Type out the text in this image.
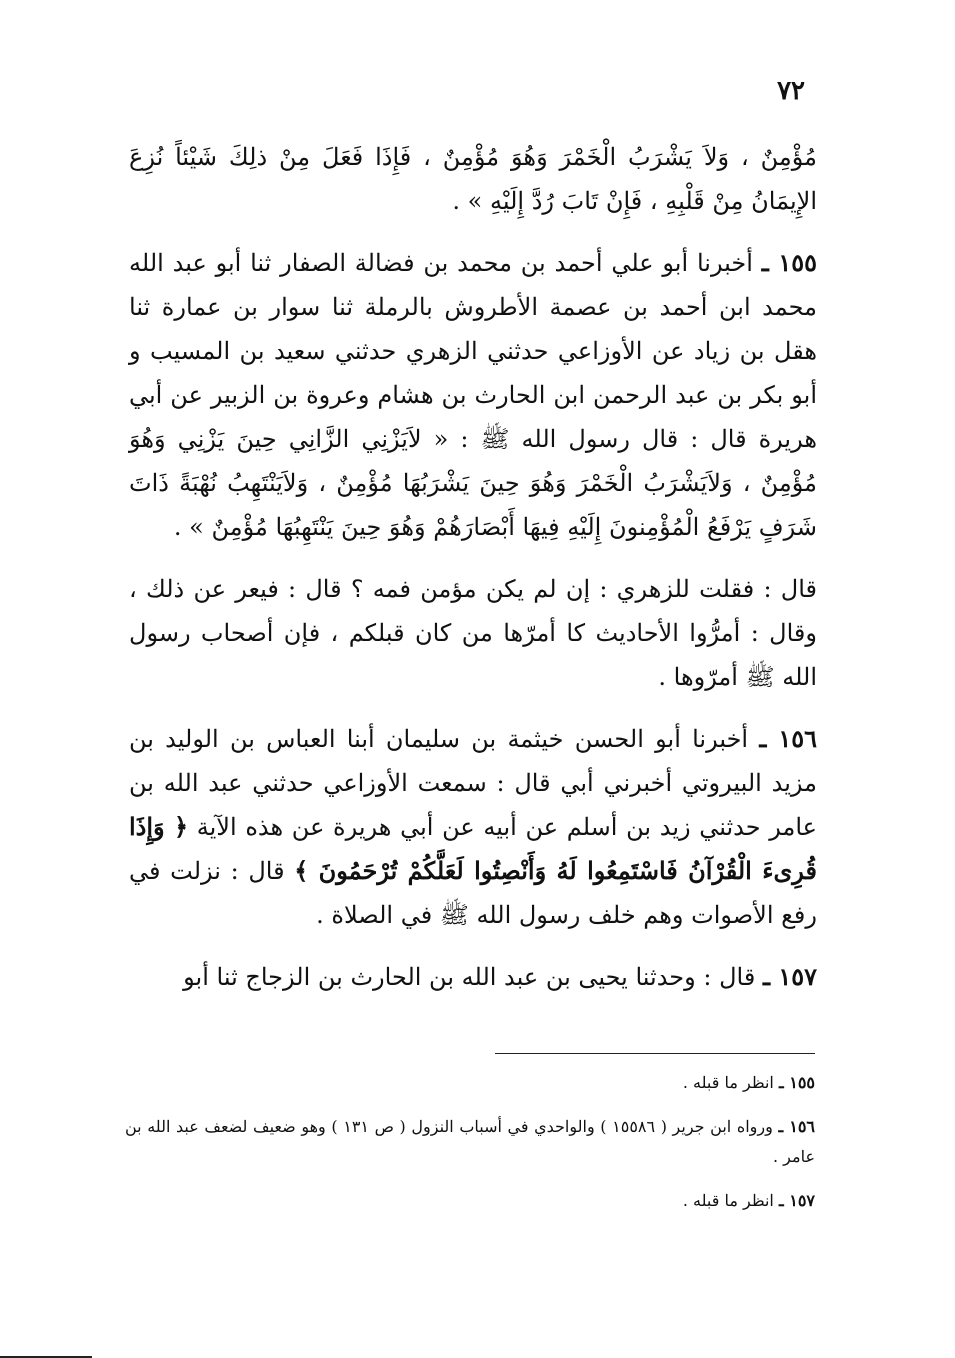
٧٢

مُؤْمِنٌ ، وَلاَ يَشْرَبُ الْخَمْرَ وَهُوَ مُؤْمِنٌ ، فَإِذَا فَعَلَ مِنْ ذلِكَ شَيْئاً نُزِعَ الإِيمَانُ مِنْ قَلْبِهِ ، فَإِنْ تَابَ رُدَّ إِلَيْهِ » .

١٥٥ ـ أخبرنا أبو علي أحمد بن محمد بن فضالة الصفار ثنا أبو عبد الله محمد ابن أحمد بن عصمة الأطروش بالرملة ثنا سوار بن عمارة ثنا هقل بن زياد عن الأوزاعي حدثني الزهري حدثني سعيد بن المسيب و أبو بكر بن عبد الرحمن ابن الحارث بن هشام وعروة بن الزبير عن أبي هريرة قال : قال رسول الله ﷺ : « لاَيَزْنِي الزَّانِي حِينَ يَزْنِي وَهُوَ مُؤْمِنٌ ، وَلاَيَشْرَبُ الْخَمْرَ وَهُوَ حِينَ يَشْرَبُهَا مُؤْمِنٌ ، وَلاَيَنْتَهِبُ نُهْبَةً ذَاتَ شَرَفٍ يَرْفَعُ الْمُؤْمِنونَ إِلَيْهِ فِيهَا أَبْصَارَهُمْ وَهُوَ حِينَ يَنْتَهِبُهَا مُؤْمِنٌ » .

قال : فقلت للزهري : إن لم يكن مؤمن فمه ؟ قال : فيعر عن ذلك ، وقال : أمرُّوا الأحاديث كا أمرّها من كان قبلكم ، فإن أصحاب رسول الله ﷺ أمرّوها .

١٥٦ ـ أخبرنا أبو الحسن خيثمة بن سليمان أبنا العباس بن الوليد بن مزيد البيروتي أخبرني أبي قال : سمعت الأوزاعي حدثني عبد الله بن عامر حدثني زيد بن أسلم عن أبيه عن أبي هريرة عن هذه الآية ﴿ وَإِذَا قُرِىءَ الْقُرْآنُ فَاسْتَمِعُوا لَهُ وَأَنْصِتُوا لَعَلَّكُمْ تُرْحَمُونَ ﴾ قال : نزلت في رفع الأصوات وهم خلف رسول الله ﷺ في الصلاة .

١٥٧ ـ قال : وحدثنا يحيى بن عبد الله بن الحارث بن الزجاج ثنا أبو

١٥٥ ـ انظر ما قبله .

١٥٦ ـ ورواه ابن جرير ( ١٥٥٨٦ ) والواحدي في أسباب النزول ( ص ١٣١ ) وهو ضعيف لضعف عبد الله بن عامر .

١٥٧ ـ انظر ما قبله .
